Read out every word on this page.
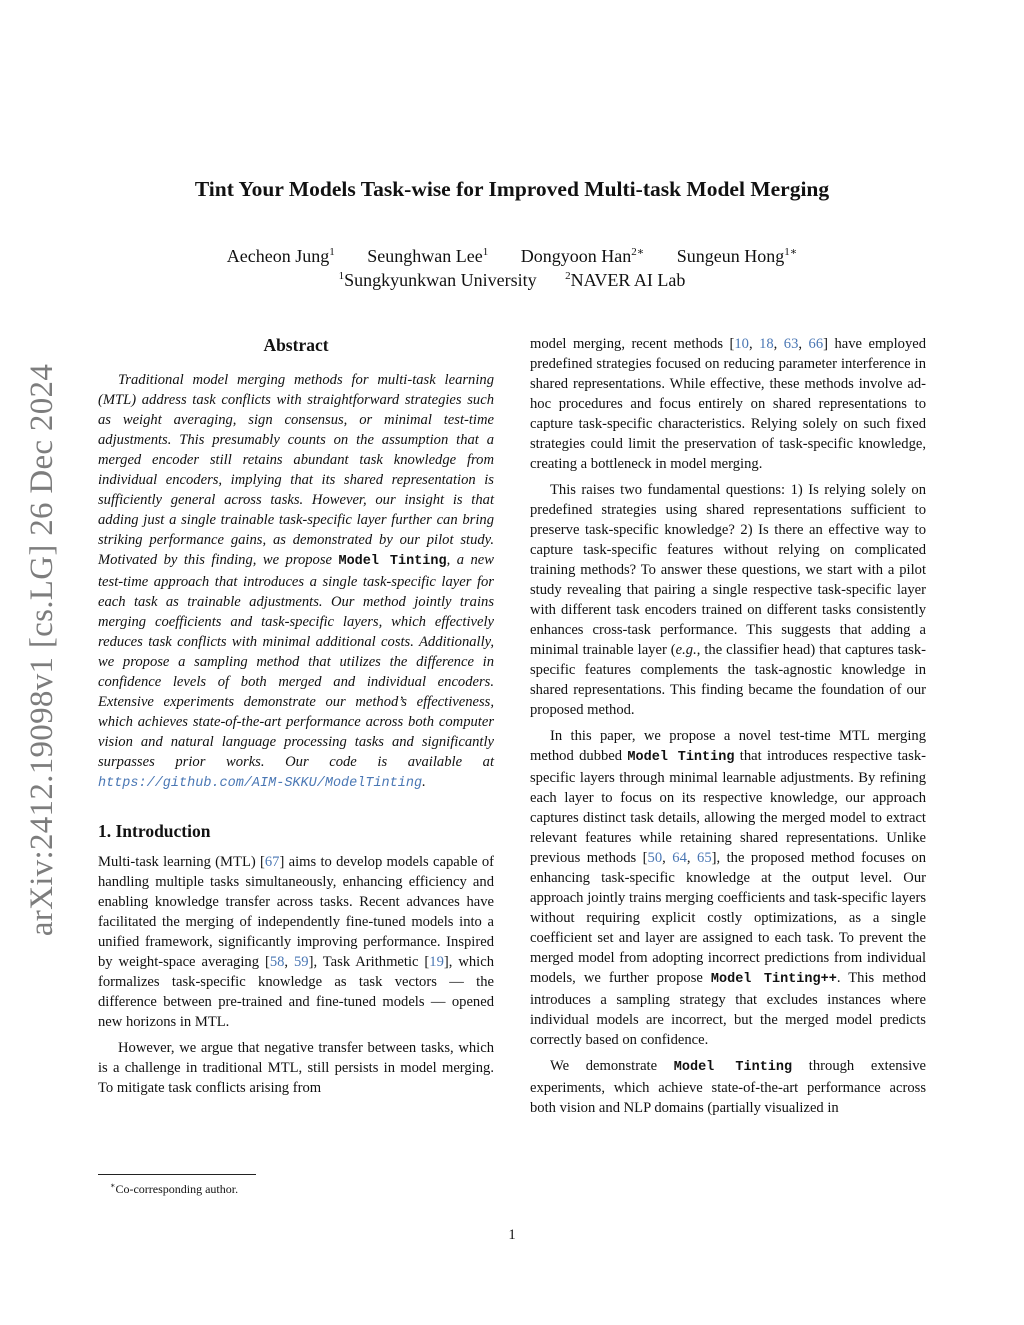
arXiv:2412.19098v1 [cs.LG] 26 Dec 2024
Tint Your Models Task-wise for Improved Multi-task Model Merging
Aecheon Jung$^1$ Seunghwan Lee$^1$ Dongyoon Han$^{2∗}$ Sungeun Hong$^{1∗}$
$^1$Sungkyunkwan University	$^2$NAVER AI Lab
Abstract

Traditional model merging methods for multi-task learning (MTL) address task conflicts with straightforward strategies such as weight averaging, sign consensus, or minimal test-time adjustments. This presumably counts on the assumption that a merged encoder still retains abundant task knowledge from individual encoders, implying that its shared representation is sufficiently general across tasks. However, our insight is that adding just a single trainable task-specific layer further can bring striking performance gains, as demonstrated by our pilot study. Motivated by this finding, we propose Model Tinting, a new test-time approach that introduces a single task-specific layer for each task as trainable adjustments. Our method jointly trains merging coefficients and task-specific layers, which effectively reduces task conflicts with minimal additional costs. Additionally, we propose a sampling method that utilizes the difference in confidence levels of both merged and individual encoders. Extensive experiments demonstrate our method’s effectiveness, which achieves state-of-the-art performance across both computer vision and natural language processing tasks and significantly surpasses prior works. Our code is available at https://github.com/AIM-SKKU/ModelTinting.

1. Introduction

Multi-task learning (MTL) [67] aims to develop models capable of handling multiple tasks simultaneously, enhancing efficiency and enabling knowledge transfer across tasks. Recent advances have facilitated the merging of independently fine-tuned models into a unified framework, significantly improving performance. Inspired by weight-space averaging [58, 59], Task Arithmetic [19], which formalizes task-specific knowledge as task vectors — the difference between pre-trained and fine-tuned models — opened new horizons in MTL.

However, we argue that negative transfer between tasks, which is a challenge in traditional MTL, still persists in model merging. To mitigate task conflicts arising from

model merging, recent methods [10, 18, 63, 66] have employed predefined strategies focused on reducing parameter interference in shared representations. While effective, these methods involve ad-hoc procedures and focus entirely on shared representations to capture task-specific characteristics. Relying solely on such fixed strategies could limit the preservation of task-specific knowledge, creating a bottleneck in model merging.

This raises two fundamental questions: 1) Is relying solely on predefined strategies using shared representations sufficient to preserve task-specific knowledge? 2) Is there an effective way to capture task-specific features without relying on complicated training methods? To answer these questions, we start with a pilot study revealing that pairing a single respective task-specific layer with different task encoders trained on different tasks consistently enhances cross-task performance. This suggests that adding a minimal trainable layer (e.g., the classifier head) that captures task-specific features complements the task-agnostic knowledge in shared representations. This finding became the foundation of our proposed method.

In this paper, we propose a novel test-time MTL merging method dubbed Model Tinting that introduces respective task-specific layers through minimal learnable adjustments. By refining each layer to focus on its respective knowledge, our approach captures distinct task details, allowing the merged model to extract relevant features while retaining shared representations. Unlike previous methods [50, 64, 65], the proposed method focuses on enhancing task-specific knowledge at the output level. Our approach jointly trains merging coefficients and task-specific layers without requiring explicit costly optimizations, as a single coefficient set and layer are assigned to each task. To prevent the merged model from adopting incorrect predictions from individual models, we further propose Model Tinting++. This method introduces a sampling strategy that excludes instances where individual models are incorrect, but the merged model predicts correctly based on confidence.

We demonstrate Model Tinting through extensive experiments, which achieve state-of-the-art performance across both vision and NLP domains (partially visualized in

∗Co-corresponding author.
1
